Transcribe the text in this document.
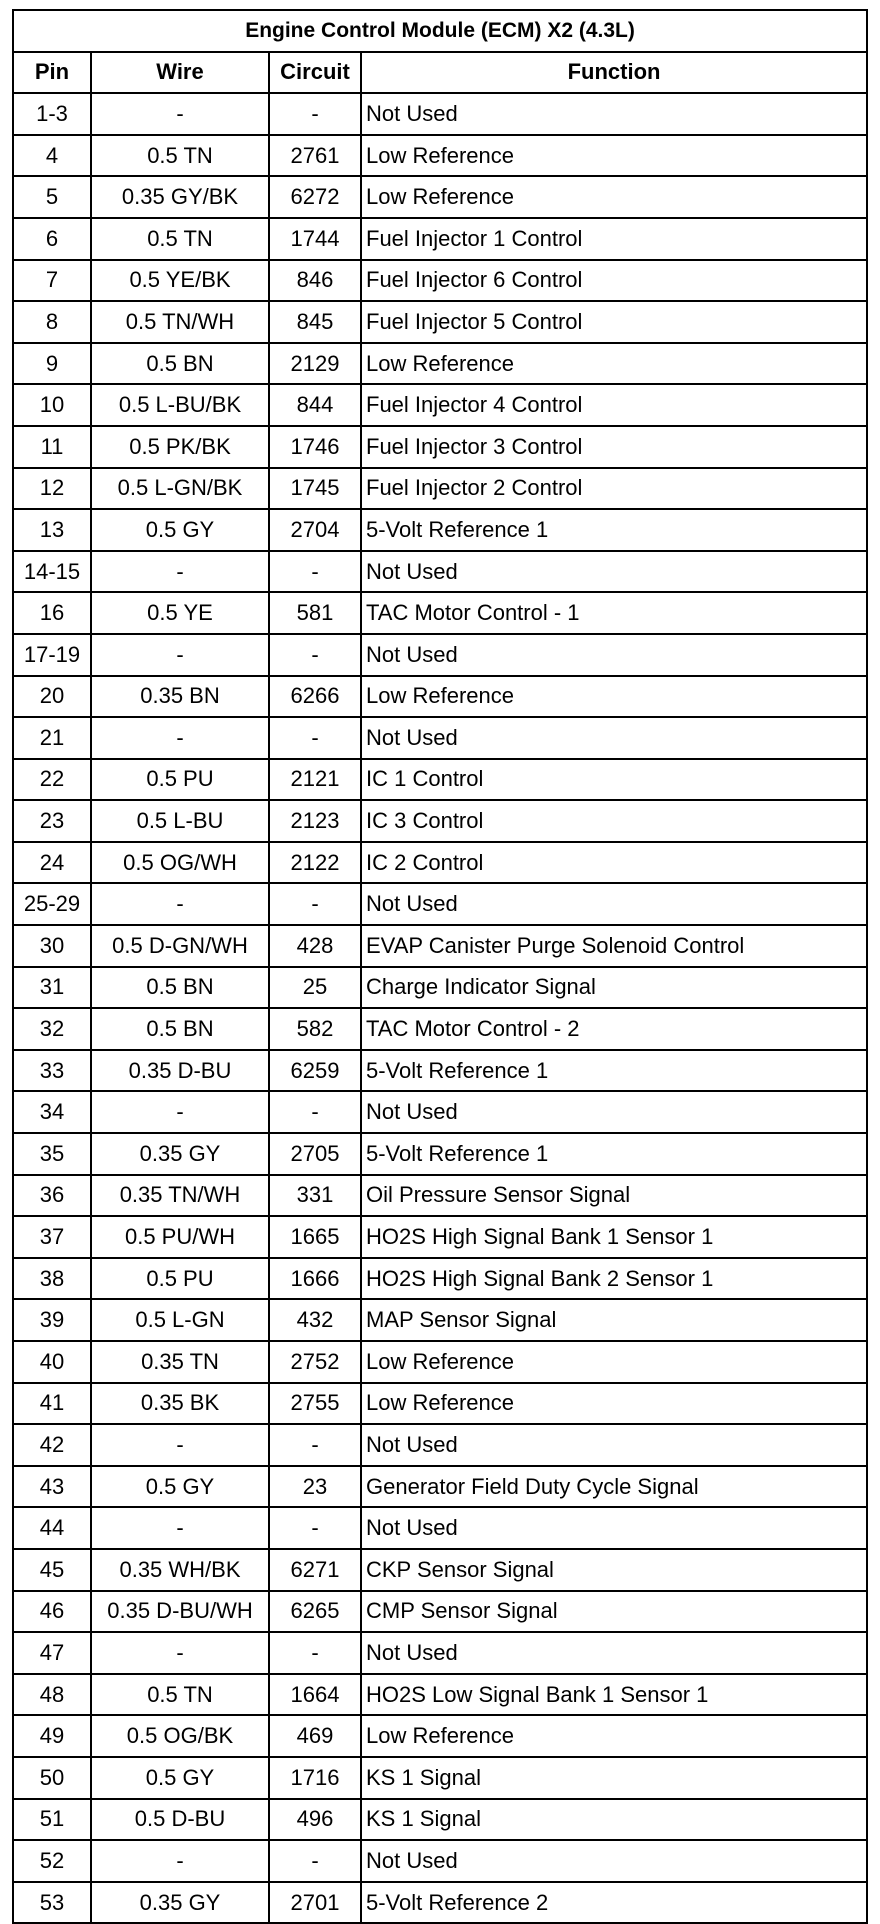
Engine Control Module (ECM) X2 (4.3L)			
Pin	Wire	Circuit	Function
1-3	-	-	Not Used
4	0.5 TN	2761	Low Reference
5	0.35 GY/BK	6272	Low Reference
6	0.5 TN	1744	Fuel Injector 1 Control
7	0.5 YE/BK	846	Fuel Injector 6 Control
8	0.5 TN/WH	845	Fuel Injector 5 Control
9	0.5 BN	2129	Low Reference
10	0.5 L-BU/BK	844	Fuel Injector 4 Control
11	0.5 PK/BK	1746	Fuel Injector 3 Control
12	0.5 L-GN/BK	1745	Fuel Injector 2 Control
13	0.5 GY	2704	5-Volt Reference 1
14-15	-	-	Not Used
16	0.5 YE	581	TAC Motor Control - 1
17-19	-	-	Not Used
20	0.35 BN	6266	Low Reference
21	-	-	Not Used
22	0.5 PU	2121	IC 1 Control
23	0.5 L-BU	2123	IC 3 Control
24	0.5 OG/WH	2122	IC 2 Control
25-29	-	-	Not Used
30	0.5 D-GN/WH	428	EVAP Canister Purge Solenoid Control
31	0.5 BN	25	Charge Indicator Signal
32	0.5 BN	582	TAC Motor Control - 2
33	0.35 D-BU	6259	5-Volt Reference 1
34	-	-	Not Used
35	0.35 GY	2705	5-Volt Reference 1
36	0.35 TN/WH	331	Oil Pressure Sensor Signal
37	0.5 PU/WH	1665	HO2S High Signal Bank 1 Sensor 1
38	0.5 PU	1666	HO2S High Signal Bank 2 Sensor 1
39	0.5 L-GN	432	MAP Sensor Signal
40	0.35 TN	2752	Low Reference
41	0.35 BK	2755	Low Reference
42	-	-	Not Used
43	0.5 GY	23	Generator Field Duty Cycle Signal
44	-	-	Not Used
45	0.35 WH/BK	6271	CKP Sensor Signal
46	0.35 D-BU/WH	6265	CMP Sensor Signal
47	-	-	Not Used
48	0.5 TN	1664	HO2S Low Signal Bank 1 Sensor 1
49	0.5 OG/BK	469	Low Reference
50	0.5 GY	1716	KS 1 Signal
51	0.5 D-BU	496	KS 1 Signal
52	-	-	Not Used
53	0.35 GY	2701	5-Volt Reference 2
